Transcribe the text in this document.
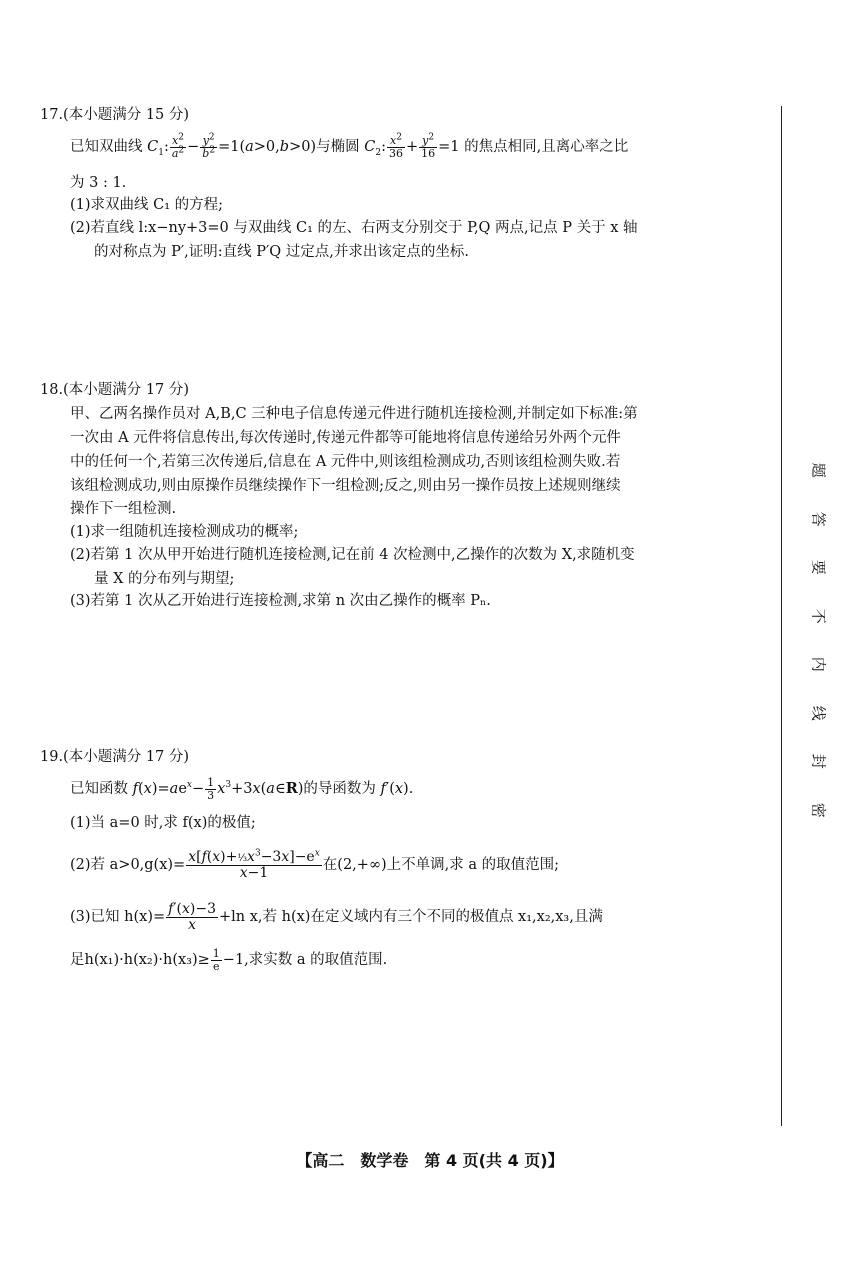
17.(本小题满分 15 分)
已知双曲线 $C_1$: $\frac{x^2}{a^2} - \frac{y^2}{b^2} =1(a>0,b>0)$与椭圆 $C_2$: $\frac{x^2}{36} + \frac{y^2}{16} =1$ 的焦点相同,且离心率之比
为 3 : 1.
(1)求双曲线 C₁ 的方程;
(2)若直线 l:x−ny+3=0 与双曲线 C₁ 的左、右两支分别交于 P,Q 两点,记点 P 关于 x 轴
的对称点为 P′,证明:直线 P′Q 过定点,并求出该定点的坐标.
18.(本小题满分 17 分)
甲、乙两名操作员对 A,B,C 三种电子信息传递元件进行随机连接检测,并制定如下标准:第
一次由 A 元件将信息传出,每次传递时,传递元件都等可能地将信息传递给另外两个元件
中的任何一个,若第三次传递后,信息在 A 元件中,则该组检测成功,否则该组检测失败.若
该组检测成功,则由原操作员继续操作下一组检测;反之,则由另一操作员按上述规则继续
操作下一组检测.
(1)求一组随机连接检测成功的概率;
(2)若第 1 次从甲开始进行随机连接检测,记在前 4 次检测中,乙操作的次数为 X,求随机变
量 X 的分布列与期望;
(3)若第 1 次从乙开始进行连接检测,求第 n 次由乙操作的概率 Pₙ.
19.(本小题满分 17 分)
已知函数 $f(x)=ae^x- \frac{1}{3}$ $x^3+3x(a\in R)$的导函数为 f′(x).
(1)当 a=0 时,求 f(x)的极值;
(2)若 $a>0,g(x)= \frac{x[f(x)+\frac{1}{3}x^3-3x]-e^x}{x-1}$ 在(2,+∞)上不单调,求 a 的取值范围;
(3)已知 $h(x)= \frac{f'(x)-3}{x} +\ln$ x,若 h(x)在定义域内有三个不同的极值点 x₁,x₂,x₃,且满
足$h(x_1)\cdot h(x_2)\cdot h(x_3)\ge \frac{1}{e} -1$,求实数 a 的取值范围.
题
答
要
不
内
线
封
密
【高二　数学卷　第 4 页(共 4 页)】
